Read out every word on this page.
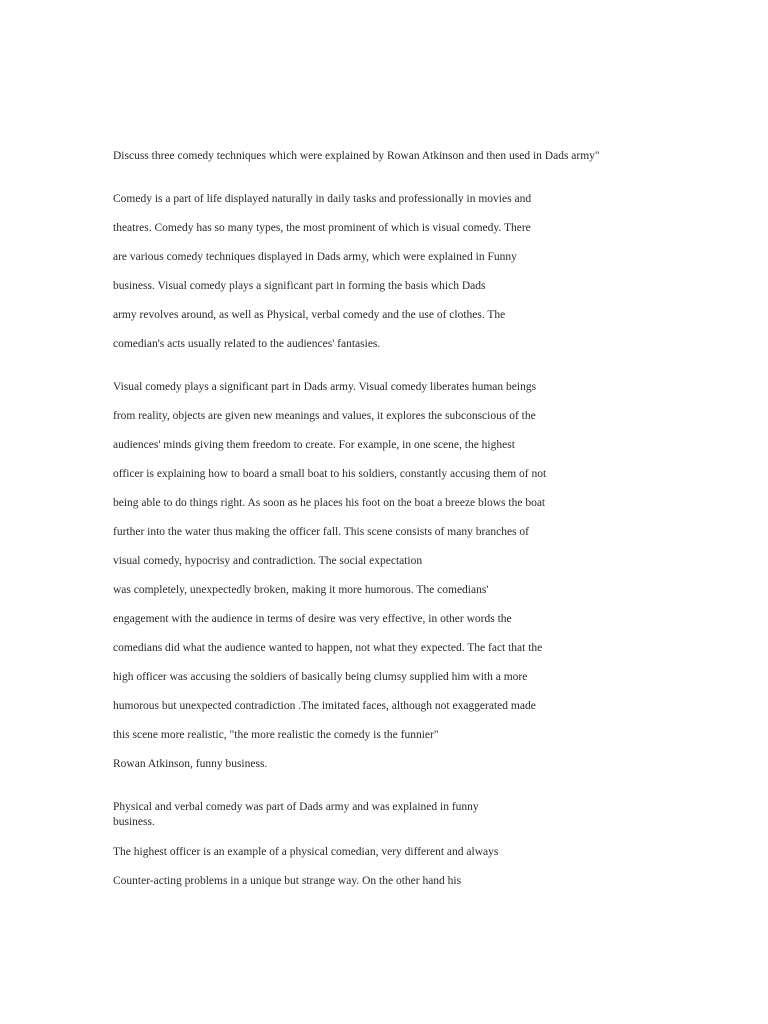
Discuss three comedy techniques which were explained by Rowan Atkinson and then used in Dads army"
Comedy is a part of life displayed naturally in daily tasks and professionally in movies and
theatres. Comedy has so many types, the most prominent of which is visual comedy. There
are various comedy techniques displayed in Dads army, which were explained in Funny
business. Visual comedy plays a significant part in forming the basis which Dads
army revolves around, as well as Physical, verbal comedy and the use of clothes. The
comedian's acts usually related to the audiences' fantasies.
Visual comedy plays a significant part in Dads army. Visual comedy liberates human beings
from reality, objects are given new meanings and values, it explores the subconscious of the
audiences' minds giving them freedom to create. For example, in one scene, the highest
officer is explaining how to board a small boat to his soldiers, constantly accusing them of not
being able to do things right. As soon as he places his foot on the boat a breeze blows the boat
further into the water thus making the officer fall. This scene consists of many branches of
visual comedy, hypocrisy and contradiction. The social expectation
was completely, unexpectedly broken, making it more humorous. The comedians'
engagement with the audience in terms of desire was very effective, in other words the
comedians did what the audience wanted to happen, not what they expected. The fact that the
high officer was accusing the soldiers of basically being clumsy supplied him with a more
humorous but unexpected contradiction .The imitated faces, although not exaggerated made
this scene more realistic, "the more realistic the comedy is the funnier"
Rowan Atkinson, funny business.
Physical and verbal comedy was part of Dads army and was explained in funny
business.
The highest officer is an example of a physical comedian, very different and always
Counter-acting problems in a unique but strange way. On the other hand his
